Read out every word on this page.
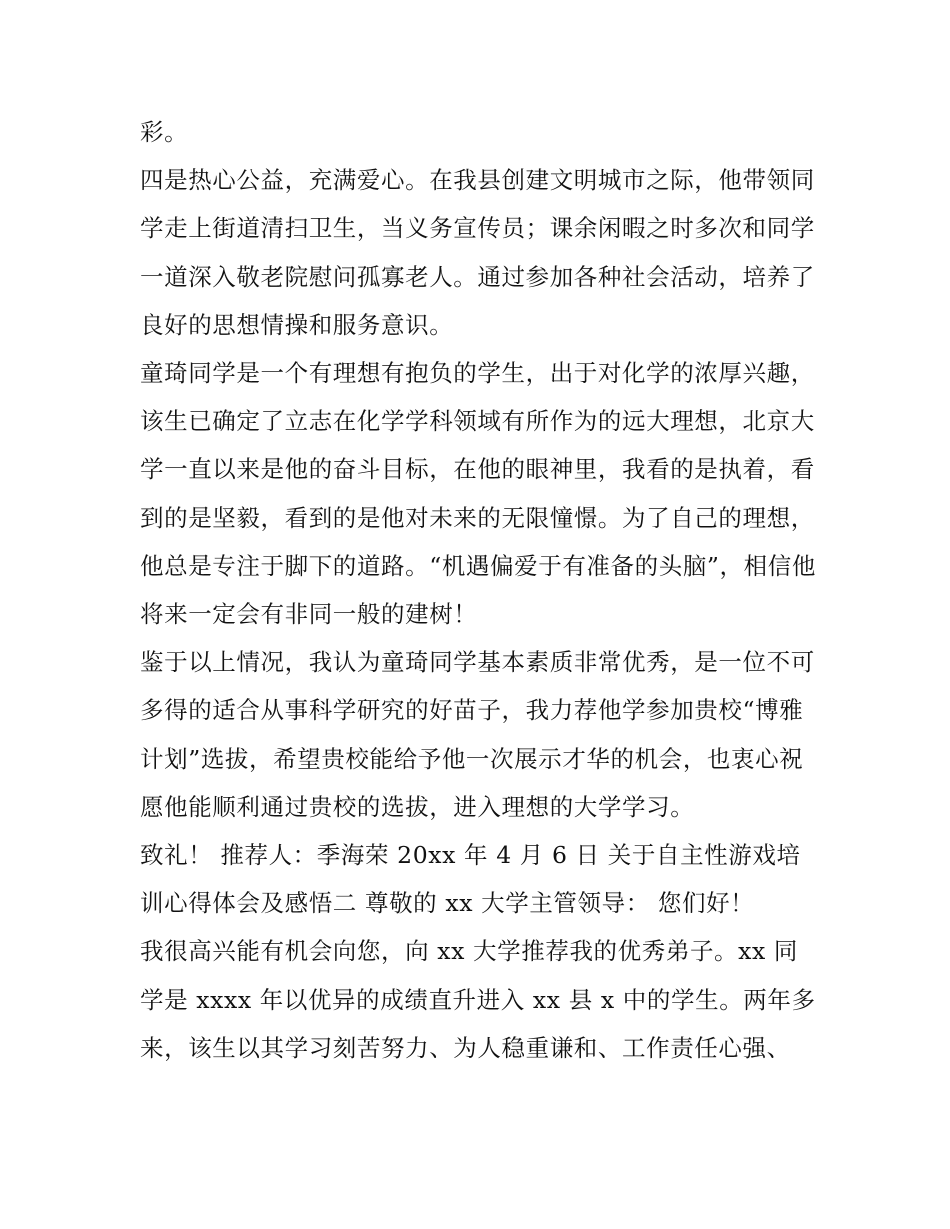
彩。

四是热心公益，充满爱心。在我县创建文明城市之际，他带领同学走上街道清扫卫生，当义务宣传员；课余闲暇之时多次和同学一道深入敬老院慰问孤寡老人。通过参加各种社会活动，培养了良好的思想情操和服务意识。

童琦同学是一个有理想有抱负的学生，出于对化学的浓厚兴趣，该生已确定了立志在化学学科领域有所作为的远大理想，北京大学一直以来是他的奋斗目标，在他的眼神里，我看的是执着，看到的是坚毅，看到的是他对未来的无限憧憬。为了自己的理想，他总是专注于脚下的道路。“机遇偏爱于有准备的头脑”，相信他将来一定会有非同一般的建树！

鉴于以上情况，我认为童琦同学基本素质非常优秀，是一位不可多得的适合从事科学研究的好苗子，我力荐他学参加贵校“博雅计划”选拔，希望贵校能给予他一次展示才华的机会，也衷心祝愿他能顺利通过贵校的选拔，进入理想的大学学习。

致礼！ 推荐人：季海荣 20xx 年 4 月 6 日 关于自主性游戏培训心得体会及感悟二 尊敬的 xx 大学主管领导： 您们好！

我很高兴能有机会向您，向 xx 大学推荐我的优秀弟子。xx 同学是 xxxx 年以优异的成绩直升进入 xx 县 x 中的学生。两年多来，该生以其学习刻苦努力、为人稳重谦和、工作责任心强、
